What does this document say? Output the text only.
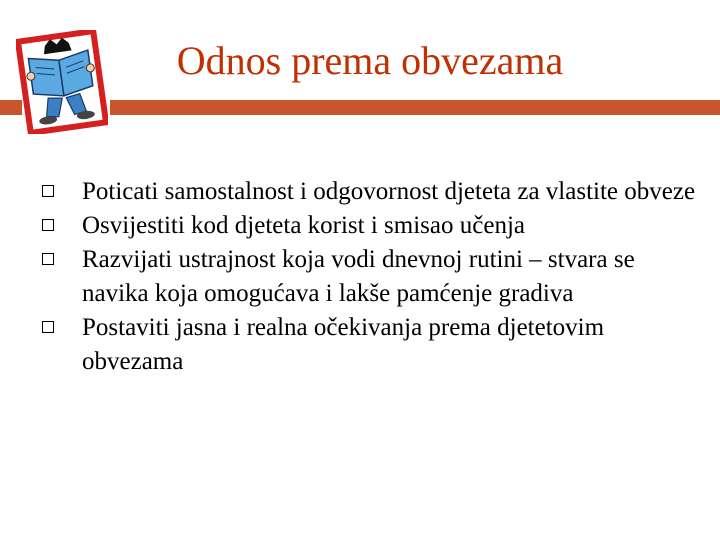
Odnos prema obvezama
Poticati samostalnost i odgovornost djeteta za vlastite obveze
Osvijestiti kod djeteta korist i smisao učenja
Razvijati ustrajnost koja vodi dnevnoj rutini – stvara se navika koja omogućava i lakše pamćenje gradiva
Postaviti jasna i realna očekivanja prema djetetovim obvezama
